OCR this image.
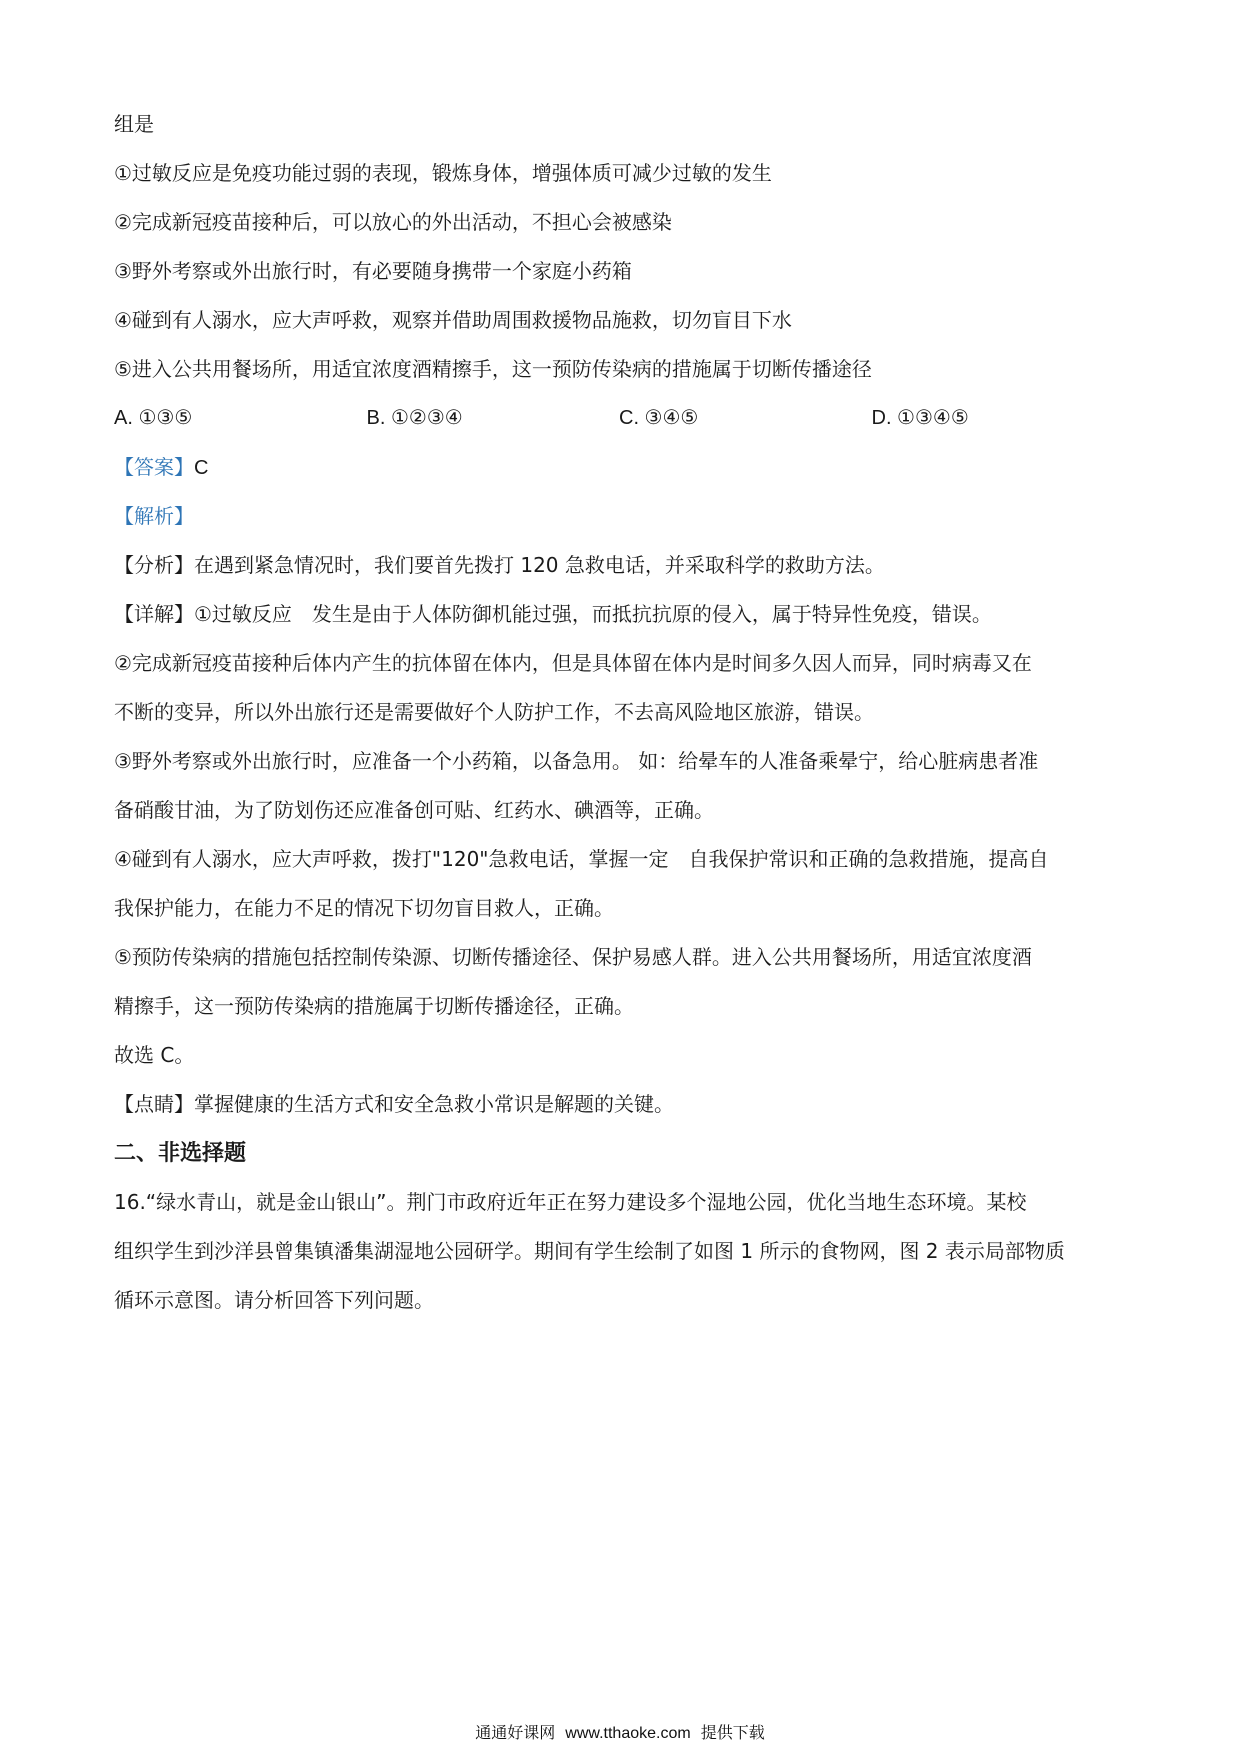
组是
①过敏反应是免疫功能过弱的表现，锻炼身体，增强体质可减少过敏的发生
②完成新冠疫苗接种后，可以放心的外出活动，不担心会被感染
③野外考察或外出旅行时，有必要随身携带一个家庭小药箱
④碰到有人溺水，应大声呼救，观察并借助周围救援物品施救，切勿盲目下水
⑤进入公共用餐场所，用适宜浓度酒精擦手，这一预防传染病的措施属于切断传播途径
A. ①③⑤	B. ①②③④	C. ③④⑤	D. ①③④⑤
【答案】C
【解析】
【分析】在遇到紧急情况时，我们要首先拨打 120 急救电话，并采取科学的救助方法。
【详解】①过敏反应　发生是由于人体防御机能过强，而抵抗抗原的侵入，属于特异性免疫，错误。
②完成新冠疫苗接种后体内产生的抗体留在体内，但是具体留在体内是时间多久因人而异，同时病毒又在
不断的变异，所以外出旅行还是需要做好个人防护工作，不去高风险地区旅游，错误。
③野外考察或外出旅行时，应准备一个小药箱，以备急用。 如：给晕车的人准备乘晕宁，给心脏病患者准
备硝酸甘油，为了防划伤还应准备创可贴、红药水、碘酒等，正确。
④碰到有人溺水，应大声呼救，拨打"120"急救电话，掌握一定　自我保护常识和正确的急救措施，提高自
我保护能力，在能力不足的情况下切勿盲目救人，正确。
⑤预防传染病的措施包括控制传染源、切断传播途径、保护易感人群。进入公共用餐场所，用适宜浓度酒
精擦手，这一预防传染病的措施属于切断传播途径，正确。
故选 C。
【点睛】掌握健康的生活方式和安全急救小常识是解题的关键。
二、非选择题
16.“绿水青山，就是金山银山”。荆门市政府近年正在努力建设多个湿地公园，优化当地生态环境。某校
组织学生到沙洋县曾集镇潘集湖湿地公园研学。期间有学生绘制了如图 1 所示的食物网，图 2 表示局部物质
循环示意图。请分析回答下列问题。
通通好课网 www.tthaoke.com 提供下载
